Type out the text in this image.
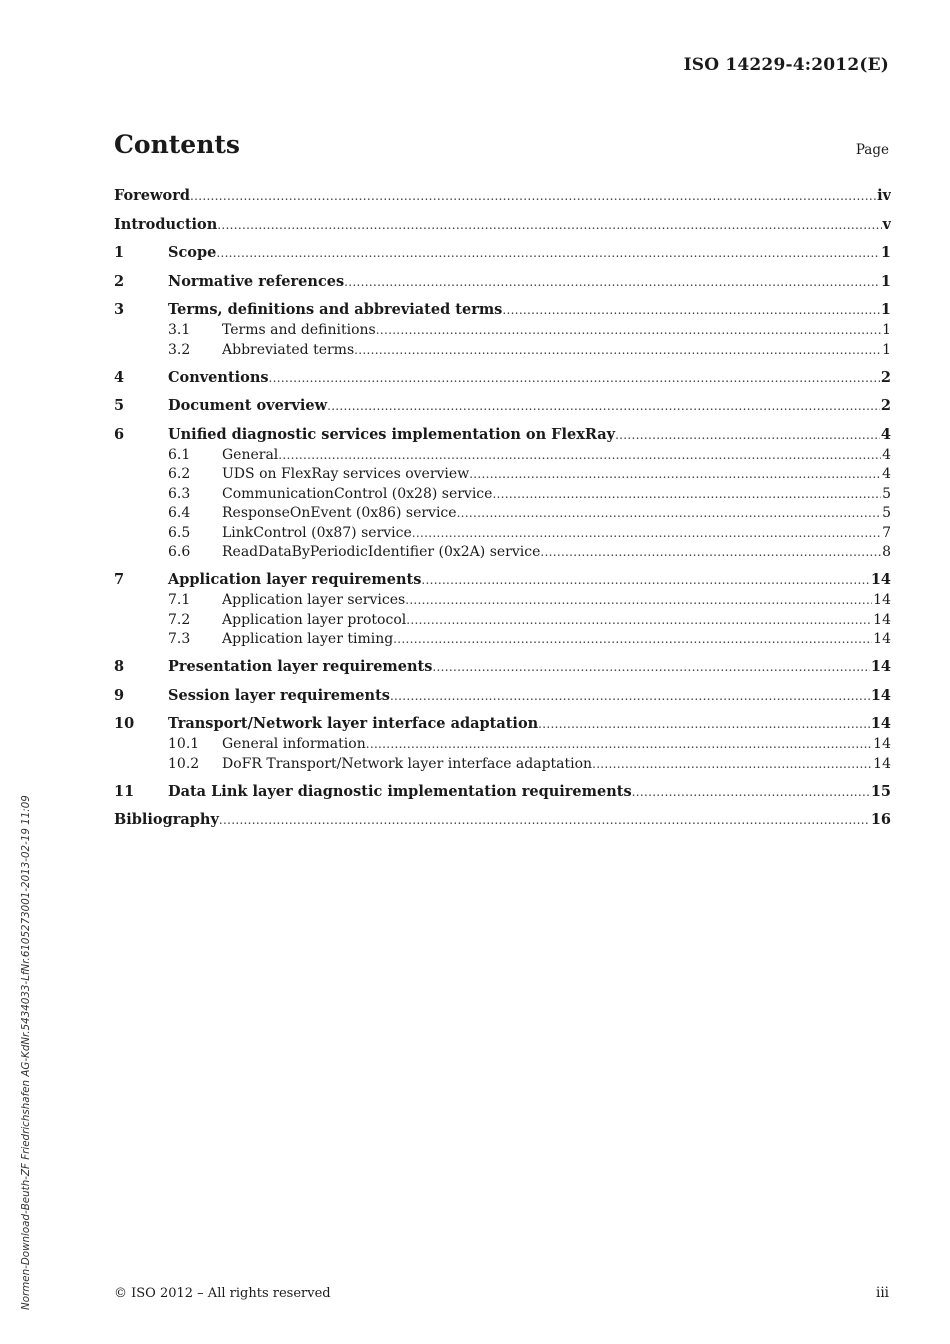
ISO 14229-4:2012(E)
Contents	Page
Foreword .....	iv
Introduction .....	v
1	Scope .....	1
2	Normative references .....	1
3	Terms, definitions and abbreviated terms .....	1
3.1	Terms and definitions .....	1
3.2	Abbreviated terms .....	1
4	Conventions .....	2
5	Document overview .....	2
6	Unified diagnostic services implementation on FlexRay .....	4
6.1	General .....	4
6.2	UDS on FlexRay services overview .....	4
6.3	CommunicationControl (0x28) service .....	5
6.4	ResponseOnEvent (0x86) service .....	5
6.5	LinkControl (0x87) service .....	7
6.6	ReadDataByPeriodicIdentifier (0x2A) service .....	8
7	Application layer requirements .....	14
7.1	Application layer services .....	14
7.2	Application layer protocol .....	14
7.3	Application layer timing .....	14
8	Presentation layer requirements .....	14
9	Session layer requirements .....	14
10	Transport/Network layer interface adaptation .....	14
10.1	General information .....	14
10.2	DoFR Transport/Network layer interface adaptation .....	14
11	Data Link layer diagnostic implementation requirements .....	15
Bibliography .....	16
Normen-Download-Beuth-ZF Friedrichshafen AG-KdNr.5434033-LfNr.6105273001-2013-02-19 11:09	© ISO 2012 – All rights reserved	iii
